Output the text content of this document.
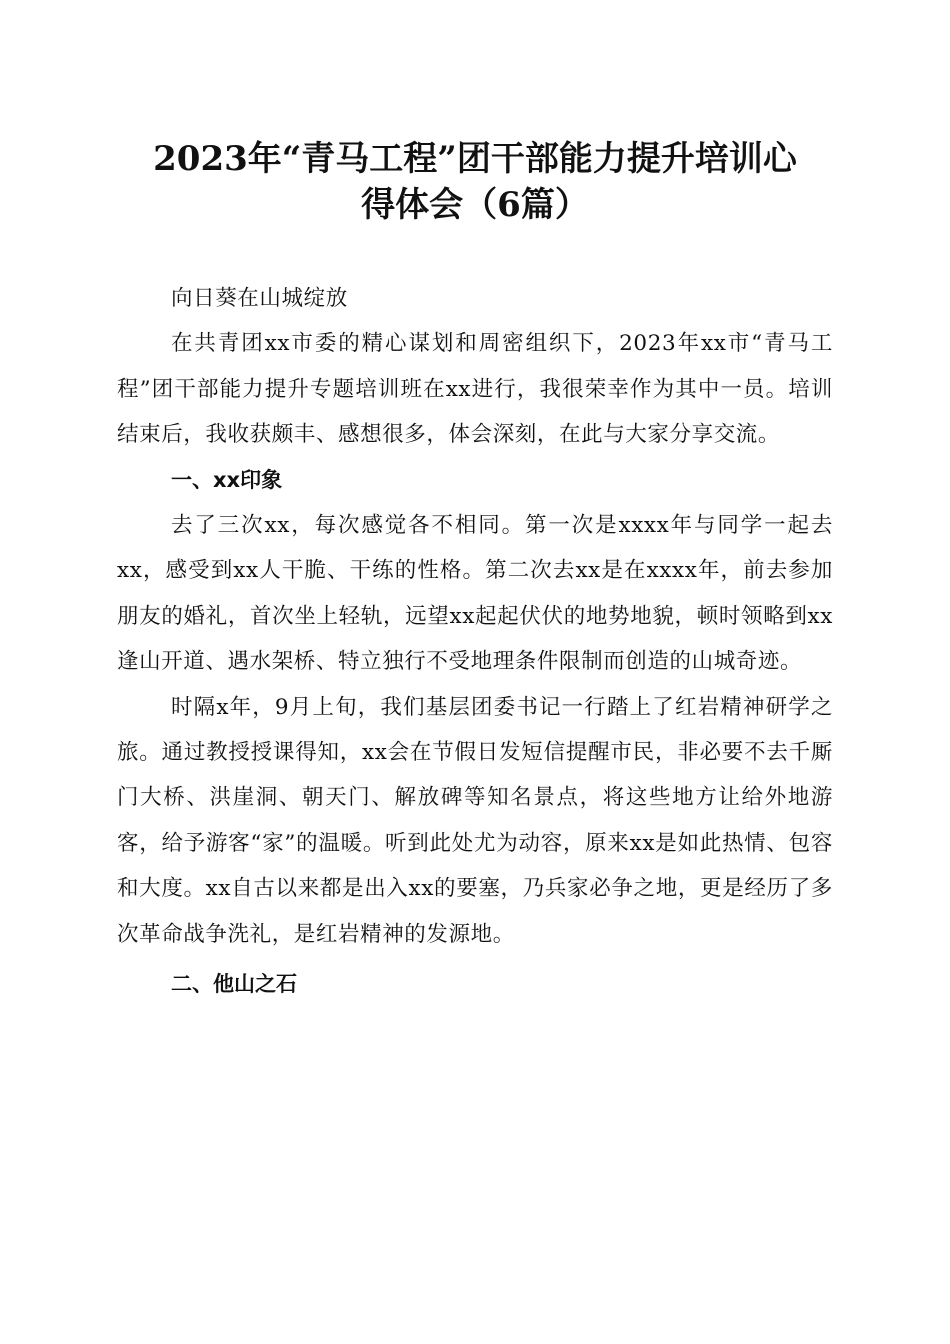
2023年“青马工程”团干部能力提升培训心
得体会（6篇）

向日葵在山城绽放

在共青团xx市委的精心谋划和周密组织下，2023年xx市“青马工程”团干部能力提升专题培训班在xx进行，我很荣幸作为其中一员。培训结束后，我收获颇丰、感想很多，体会深刻，在此与大家分享交流。

一、xx印象

去了三次xx，每次感觉各不相同。第一次是xxxx年与同学一起去xx，感受到xx人干脆、干练的性格。第二次去xx是在xxxx年，前去参加朋友的婚礼，首次坐上轻轨，远望xx起起伏伏的地势地貌，顿时领略到xx逢山开道、遇水架桥、特立独行不受地理条件限制而创造的山城奇迹。

时隔x年，9月上旬，我们基层团委书记一行踏上了红岩精神研学之旅。通过教授授课得知，xx会在节假日发短信提醒市民，非必要不去千厮门大桥、洪崖洞、朝天门、解放碑等知名景点，将这些地方让给外地游客，给予游客“家”的温暖。听到此处尤为动容，原来xx是如此热情、包容和大度。xx自古以来都是出入xx的要塞，乃兵家必争之地，更是经历了多次革命战争洗礼，是红岩精神的发源地。

二、他山之石
